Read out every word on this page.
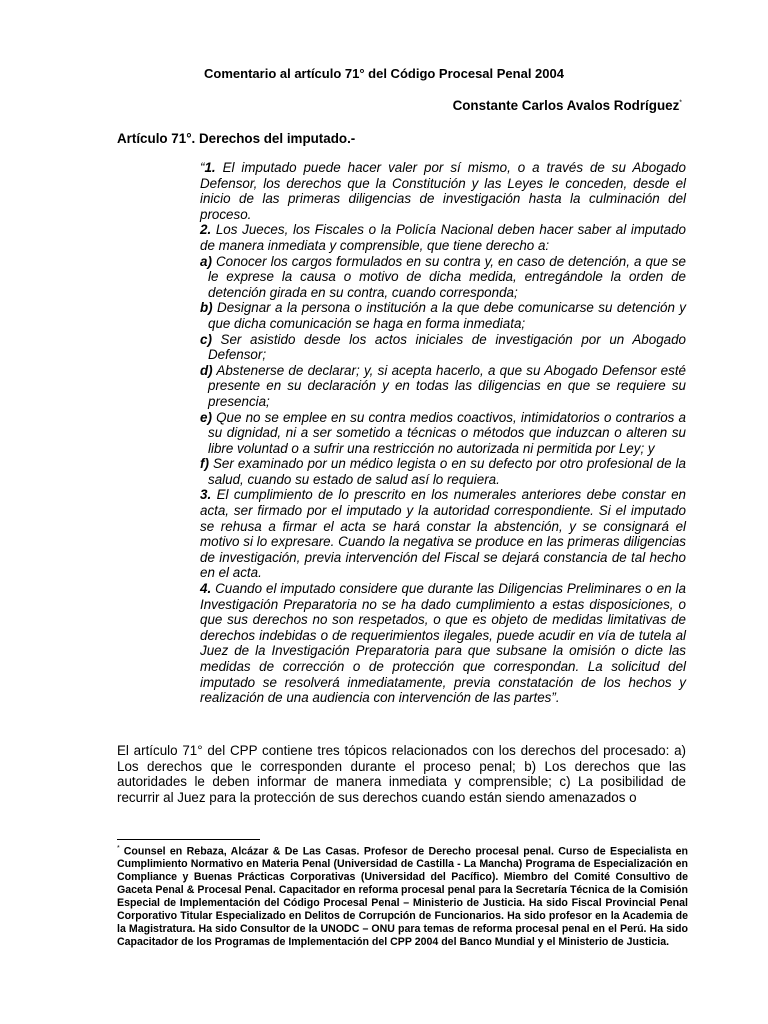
Comentario al artículo 71° del Código Procesal Penal 2004
Constante Carlos Avalos Rodríguez*
Artículo 71°. Derechos del imputado.-

“1. El imputado puede hacer valer por sí mismo, o a través de su Abogado Defensor, los derechos que la Constitución y las Leyes le conceden, desde el inicio de las primeras diligencias de investigación hasta la culminación del proceso.

2. Los Jueces, los Fiscales o la Policía Nacional deben hacer saber al imputado de manera inmediata y comprensible, que tiene derecho a:

a) Conocer los cargos formulados en su contra y, en caso de detención, a que se le exprese la causa o motivo de dicha medida, entregándole la orden de detención girada en su contra, cuando corresponda;

b) Designar a la persona o institución a la que debe comunicarse su detención y que dicha comunicación se haga en forma inmediata;

c) Ser asistido desde los actos iniciales de investigación por un Abogado Defensor;

d) Abstenerse de declarar; y, si acepta hacerlo, a que su Abogado Defensor esté presente en su declaración y en todas las diligencias en que se requiere su presencia;

e) Que no se emplee en su contra medios coactivos, intimidatorios o contrarios a su dignidad, ni a ser sometido a técnicas o métodos que induzcan o alteren su libre voluntad o a sufrir una restricción no autorizada ni permitida por Ley; y

f) Ser examinado por un médico legista o en su defecto por otro profesional de la salud, cuando su estado de salud así lo requiera.

3. El cumplimiento de lo prescrito en los numerales anteriores debe constar en acta, ser firmado por el imputado y la autoridad correspondiente. Si el imputado se rehusa a firmar el acta se hará constar la abstención, y se consignará el motivo si lo expresare. Cuando la negativa se produce en las primeras diligencias de investigación, previa intervención del Fiscal se dejará constancia de tal hecho en el acta.

4. Cuando el imputado considere que durante las Diligencias Preliminares o en la Investigación Preparatoria no se ha dado cumplimiento a estas disposiciones, o que sus derechos no son respetados, o que es objeto de medidas limitativas de derechos indebidas o de requerimientos ilegales, puede acudir en vía de tutela al Juez de la Investigación Preparatoria para que subsane la omisión o dicte las medidas de corrección o de protección que correspondan. La solicitud del imputado se resolverá inmediatamente, previa constatación de los hechos y realización de una audiencia con intervención de las partes”.

El artículo 71° del CPP contiene tres tópicos relacionados con los derechos del procesado: a) Los derechos que le corresponden durante el proceso penal; b) Los derechos que las autoridades le deben informar de manera inmediata y comprensible; c) La posibilidad de recurrir al Juez para la protección de sus derechos cuando están siendo amenazados o
* Counsel en Rebaza, Alcázar & De Las Casas. Profesor de Derecho procesal penal. Curso de Especialista en Cumplimiento Normativo en Materia Penal (Universidad de Castilla - La Mancha) Programa de Especialización en Compliance y Buenas Prácticas Corporativas (Universidad del Pacífico). Miembro del Comité Consultivo de Gaceta Penal & Procesal Penal. Capacitador en reforma procesal penal para la Secretaría Técnica de la Comisión Especial de Implementación del Código Procesal Penal – Ministerio de Justicia. Ha sido Fiscal Provincial Penal Corporativo Titular Especializado en Delitos de Corrupción de Funcionarios. Ha sido profesor en la Academia de la Magistratura. Ha sido Consultor de la UNODC – ONU para temas de reforma procesal penal en el Perú. Ha sido Capacitador de los Programas de Implementación del CPP 2004 del Banco Mundial y el Ministerio de Justicia.
